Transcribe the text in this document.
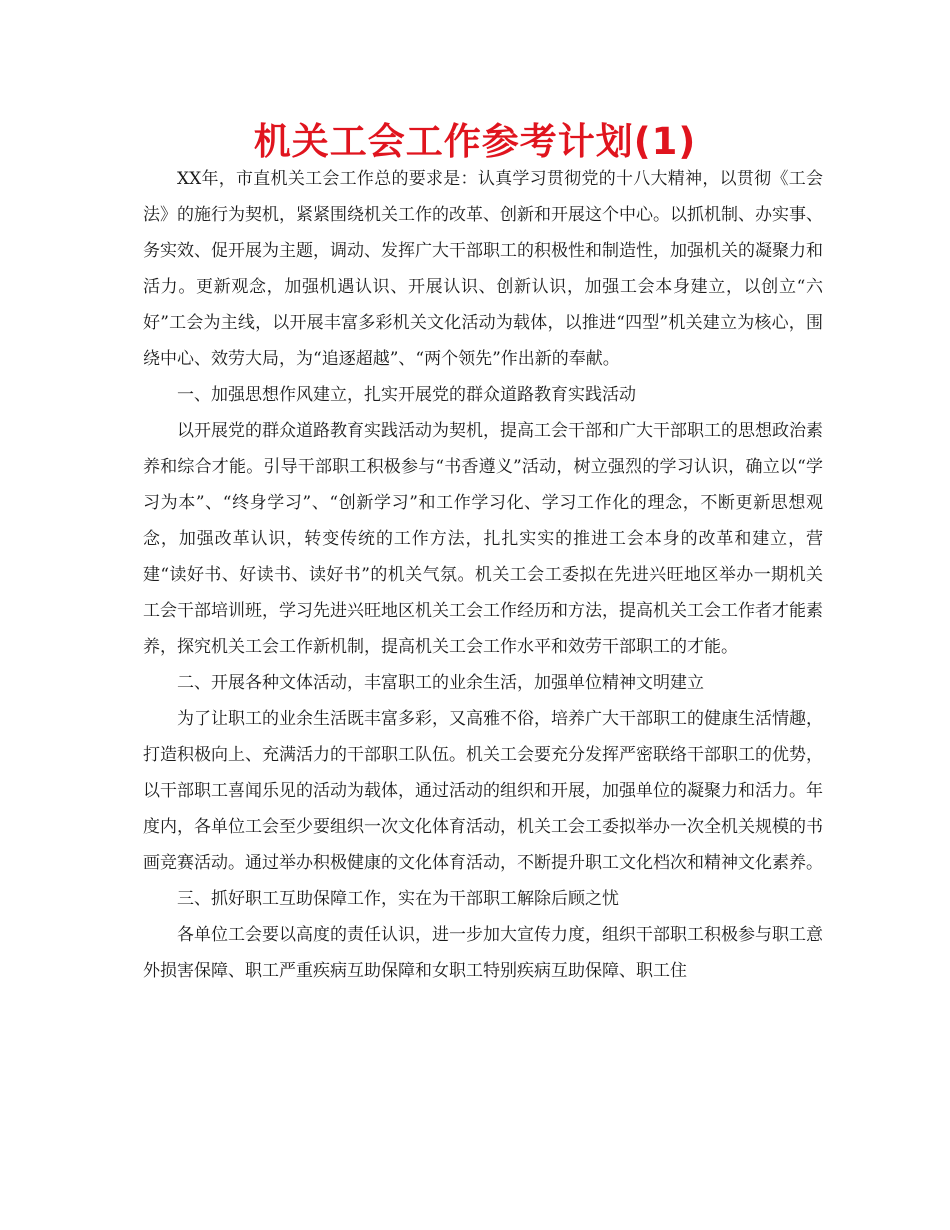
机关工会工作参考计划(1)

XX年，市直机关工会工作总的要求是：认真学习贯彻党的十八大精神，以贯彻《工会法》的施行为契机，紧紧围绕机关工作的改革、创新和开展这个中心。以抓机制、办实事、务实效、促开展为主题，调动、发挥广大干部职工的积极性和制造性，加强机关的凝聚力和活力。更新观念，加强机遇认识、开展认识、创新认识，加强工会本身建立，以创立“六好”工会为主线，以开展丰富多彩机关文化活动为载体，以推进“四型”机关建立为核心，围绕中心、效劳大局，为“追逐超越”、“两个领先”作出新的奉献。

一、加强思想作风建立，扎实开展党的群众道路教育实践活动

以开展党的群众道路教育实践活动为契机，提高工会干部和广大干部职工的思想政治素养和综合才能。引导干部职工积极参与“书香遵义”活动，树立强烈的学习认识，确立以“学习为本”、“终身学习”、“创新学习”和工作学习化、学习工作化的理念，不断更新思想观念，加强改革认识，转变传统的工作方法，扎扎实实的推进工会本身的改革和建立，营建“读好书、好读书、读好书”的机关气氛。机关工会工委拟在先进兴旺地区举办一期机关工会干部培训班，学习先进兴旺地区机关工会工作经历和方法，提高机关工会工作者才能素养，探究机关工会工作新机制，提高机关工会工作水平和效劳干部职工的才能。

二、开展各种文体活动，丰富职工的业余生活，加强单位精神文明建立

为了让职工的业余生活既丰富多彩，又高雅不俗，培养广大干部职工的健康生活情趣，打造积极向上、充满活力的干部职工队伍。机关工会要充分发挥严密联络干部职工的优势，以干部职工喜闻乐见的活动为载体，通过活动的组织和开展，加强单位的凝聚力和活力。年度内，各单位工会至少要组织一次文化体育活动，机关工会工委拟举办一次全机关规模的书画竞赛活动。通过举办积极健康的文化体育活动，不断提升职工文化档次和精神文化素养。

三、抓好职工互助保障工作，实在为干部职工解除后顾之忧

各单位工会要以高度的责任认识，进一步加大宣传力度，组织干部职工积极参与职工意外损害保障、职工严重疾病互助保障和女职工特别疾病互助保障、职工住
